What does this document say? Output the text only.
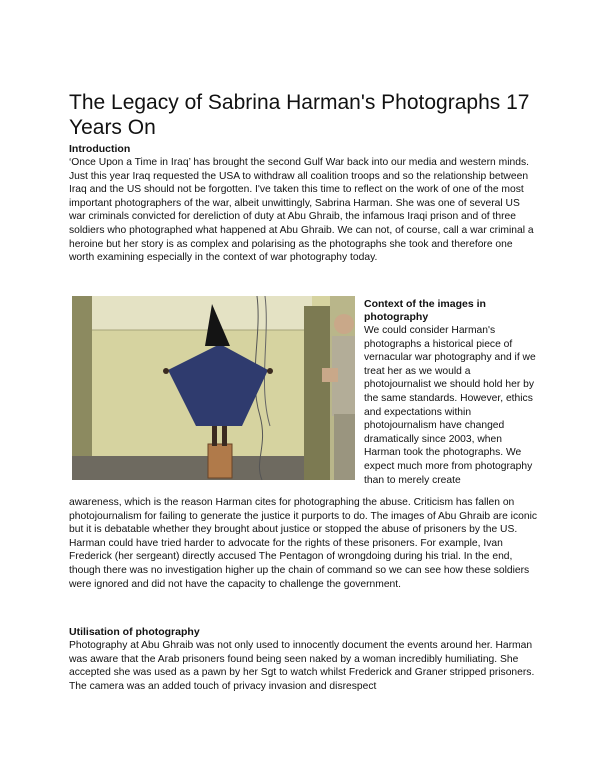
The Legacy of Sabrina Harman's Photographs 17 Years On

Introduction

‘Once Upon a Time in Iraq’ has brought the second Gulf War back into our media and western minds. Just this year Iraq requested the USA to withdraw all coalition troops and so the relationship between Iraq and the US should not be forgotten. I've taken this time to reflect on the work of one of the most important photographers of the war, albeit unwittingly, Sabrina Harman. She was one of several US war criminals convicted for dereliction of duty at Abu Ghraib, the infamous Iraqi prison and of three soldiers who photographed what happened at Abu Ghraib. We can not, of course, call a war criminal a heroine but her story is as complex and polarising as the photographs she took and therefore one worth examining especially in the context of war photography today.

Context of the images in photography

We could consider Harman's photographs a historical piece of vernacular war photography and if we treat her as we would a photojournalist we should hold her by the same standards. However, ethics and expectations within photojournalism have changed dramatically since 2003, when Harman took the photographs. We expect much more from photography than to merely create

awareness, which is the reason Harman cites for photographing the abuse. Criticism has fallen on photojournalism for failing to generate the justice it purports to do. The images of Abu Ghraib are iconic but it is debatable whether they brought about justice or stopped the abuse of prisoners by the US. Harman could have tried harder to advocate for the rights of these prisoners. For example, Ivan Frederick (her sergeant) directly accused The Pentagon of wrongdoing during his trial. In the end, though there was no investigation higher up the chain of command so we can see how these soldiers were ignored and did not have the capacity to challenge the government.

Utilisation of photography

Photography at Abu Ghraib was not only used to innocently document the events around her. Harman was aware that the Arab prisoners found being seen naked by a woman incredibly humiliating. She accepted she was used as a pawn by her Sgt to watch whilst Frederick and Graner stripped prisoners. The camera was an added touch of privacy invasion and disrespect
